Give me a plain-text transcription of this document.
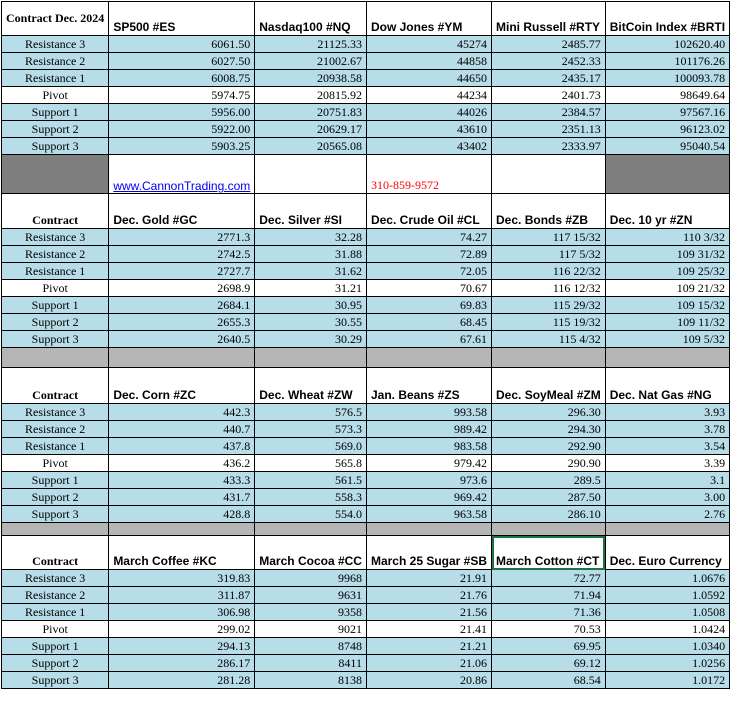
Contract Dec. 2024	SP500 #ES	Nasdaq100 #NQ	Dow Jones #YM	Mini Russell #RTY	BitCoin Index #BRTI
Resistance 3	6061.50	21125.33	45274	2485.77	102620.40
Resistance 2	6027.50	21002.67	44858	2452.33	101176.26
Resistance 1	6008.75	20938.58	44650	2435.17	100093.78
Pivot	5974.75	20815.92	44234	2401.73	98649.64
Support 1	5956.00	20751.83	44026	2384.57	97567.16
Support 2	5922.00	20629.17	43610	2351.13	96123.02
Support 3	5903.25	20565.08	43402	2333.97	95040.54
	www.CannonTrading.com		310-859-9572		
Contract	Dec. Gold #GC	Dec. Silver #SI	Dec. Crude Oil #CL	Dec. Bonds #ZB	Dec. 10 yr #ZN
Resistance 3	2771.3	32.28	74.27	117 15/32	110 3/32
Resistance 2	2742.5	31.88	72.89	117 5/32	109 31/32
Resistance 1	2727.7	31.62	72.05	116 22/32	109 25/32
Pivot	2698.9	31.21	70.67	116 12/32	109 21/32
Support 1	2684.1	30.95	69.83	115 29/32	109 15/32
Support 2	2655.3	30.55	68.45	115 19/32	109 11/32
Support 3	2640.5	30.29	67.61	115 4/32	109 5/32

Contract	Dec. Corn #ZC	Dec. Wheat #ZW	Jan. Beans #ZS	Dec. SoyMeal #ZM	Dec. Nat Gas #NG
Resistance 3	442.3	576.5	993.58	296.30	3.93
Resistance 2	440.7	573.3	989.42	294.30	3.78
Resistance 1	437.8	569.0	983.58	292.90	3.54
Pivot	436.2	565.8	979.42	290.90	3.39
Support 1	433.3	561.5	973.6	289.5	3.1
Support 2	431.7	558.3	969.42	287.50	3.00
Support 3	428.8	554.0	963.58	286.10	2.76

Contract	March Coffee #KC	March Cocoa #CC	March 25 Sugar #SB	March Cotton #CT	Dec. Euro Currency
Resistance 3	319.83	9968	21.91	72.77	1.0676
Resistance 2	311.87	9631	21.76	71.94	1.0592
Resistance 1	306.98	9358	21.56	71.36	1.0508
Pivot	299.02	9021	21.41	70.53	1.0424
Support 1	294.13	8748	21.21	69.95	1.0340
Support 2	286.17	8411	21.06	69.12	1.0256
Support 3	281.28	8138	20.86	68.54	1.0172
